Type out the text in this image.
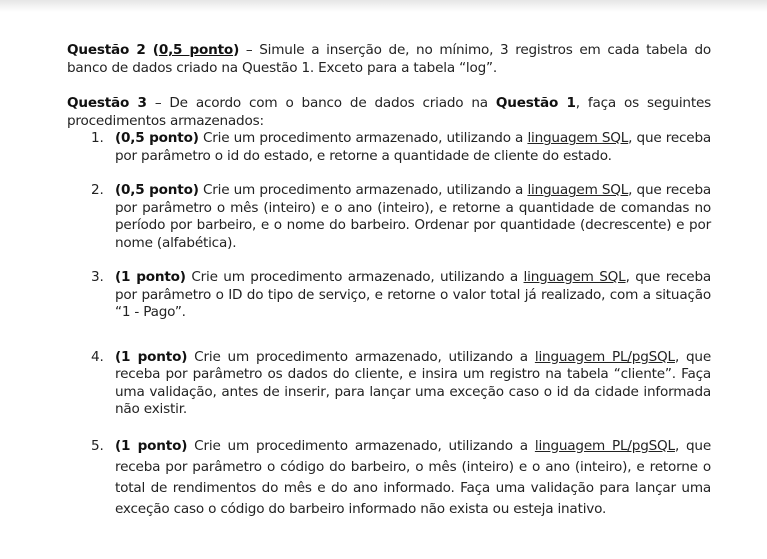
Questão 2 (0,5 ponto) – Simule a inserção de, no mínimo, 3 registros em cada tabela do banco de dados criado na Questão 1. Exceto para a tabela “log”.

Questão 3 – De acordo com o banco de dados criado na Questão 1, faça os seguintes procedimentos armazenados:

1. (0,5 ponto) Crie um procedimento armazenado, utilizando a linguagem SQL, que receba por parâmetro o id do estado, e retorne a quantidade de cliente do estado.
2. (0,5 ponto) Crie um procedimento armazenado, utilizando a linguagem SQL, que receba por parâmetro o mês (inteiro) e o ano (inteiro), e retorne a quantidade de comandas no período por barbeiro, e o nome do barbeiro. Ordenar por quantidade (decrescente) e por nome (alfabética).
3. (1 ponto) Crie um procedimento armazenado, utilizando a linguagem SQL, que receba por parâmetro o ID do tipo de serviço, e retorne o valor total já realizado, com a situação “1 - Pago”.
4. (1 ponto) Crie um procedimento armazenado, utilizando a linguagem PL/pgSQL, que receba por parâmetro os dados do cliente, e insira um registro na tabela “cliente”. Faça uma validação, antes de inserir, para lançar uma exceção caso o id da cidade informada não existir.
5. (1 ponto) Crie um procedimento armazenado, utilizando a linguagem PL/pgSQL, que receba por parâmetro o código do barbeiro, o mês (inteiro) e o ano (inteiro), e retorne o total de rendimentos do mês e do ano informado. Faça uma validação para lançar uma exceção caso o código do barbeiro informado não exista ou esteja inativo.
